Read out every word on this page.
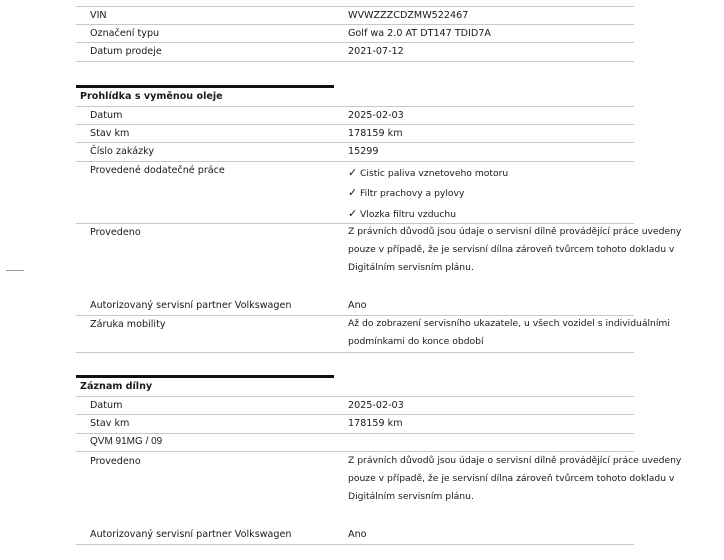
VIN	WVWZZZCDZMW522467
Označení typu	Golf wa 2.0 AT DT147 TDID7A
Datum prodeje	2021-07-12
Prohlídka s vyměnou oleje
Datum	2025-02-03
Stav km	178159 km
Číslo zakázky	15299
Provedené dodatečné práce	✓ Cistic paliva vznetoveho motoru
✓ Filtr prachovy a pylovy
✓ Vlozka filtru vzduchu
Provedeno	Z právních důvodů jsou údaje o servisní dílně provádějící práce uvedeny
pouze v případě, že je servisní dílna zároveň tvůrcem tohoto dokladu v
Digitálním servisním plánu.
Autorizovaný servisní partner Volkswagen	Ano
Záruka mobility	Až do zobrazení servisního ukazatele, u všech vozidel s individuálními
podmínkami do konce období
Záznam dílny
Datum	2025-02-03
Stav km	178159 km
QVM 91MG / 09
Provedeno	Z právních důvodů jsou údaje o servisní dílně provádějící práce uvedeny
pouze v případě, že je servisní dílna zároveň tvůrcem tohoto dokladu v
Digitálním servisním plánu.
Autorizovaný servisní partner Volkswagen	Ano
